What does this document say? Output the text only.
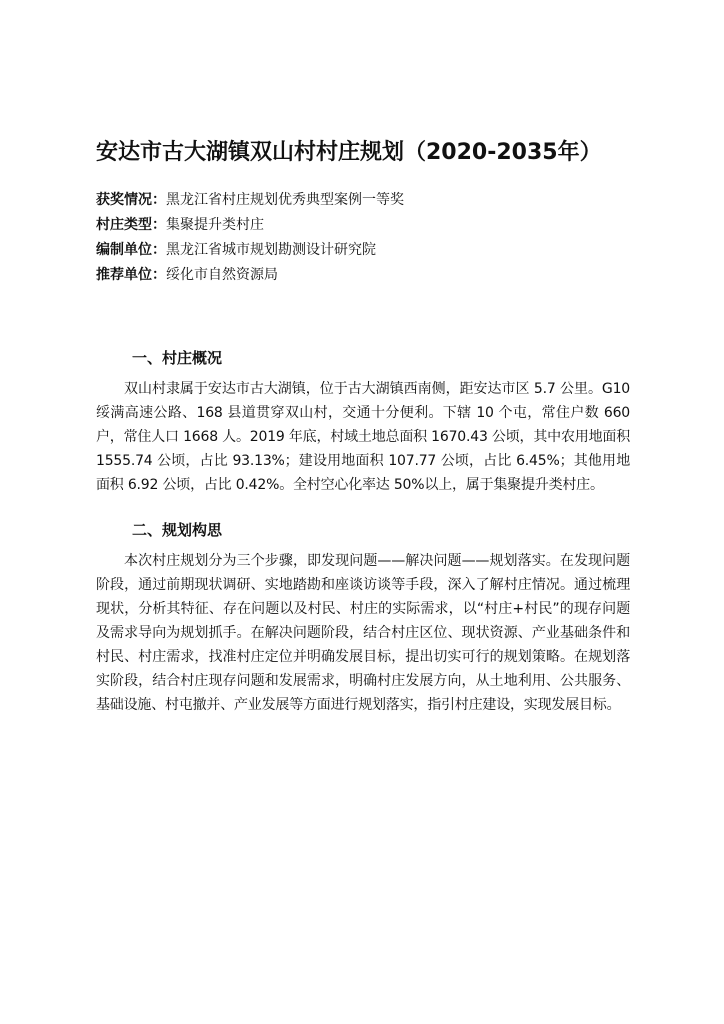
安达市古大湖镇双山村村庄规划（2020-2035年）
获奖情况：黑龙江省村庄规划优秀典型案例一等奖
村庄类型：集聚提升类村庄
编制单位：黑龙江省城市规划勘测设计研究院
推荐单位：绥化市自然资源局
一、村庄概况

双山村隶属于安达市古大湖镇，位于古大湖镇西南侧，距安达市区 5.7 公里。G10 绥满高速公路、168 县道贯穿双山村，交通十分便利。下辖 10 个屯，常住户数 660 户，常住人口 1668 人。2019 年底，村域土地总面积 1670.43 公顷，其中农用地面积 1555.74 公顷，占比 93.13%；建设用地面积 107.77 公顷，占比 6.45%；其他用地面积 6.92 公顷，占比 0.42%。全村空心化率达 50%以上，属于集聚提升类村庄。

二、规划构思

本次村庄规划分为三个步骤，即发现问题——解决问题——规划落实。在发现问题阶段，通过前期现状调研、实地踏勘和座谈访谈等手段，深入了解村庄情况。通过梳理现状，分析其特征、存在问题以及村民、村庄的实际需求，以“村庄+村民”的现存问题及需求导向为规划抓手。在解决问题阶段，结合村庄区位、现状资源、产业基础条件和村民、村庄需求，找准村庄定位并明确发展目标，提出切实可行的规划策略。在规划落实阶段，结合村庄现存问题和发展需求，明确村庄发展方向，从土地利用、公共服务、基础设施、村屯撤并、产业发展等方面进行规划落实，指引村庄建设，实现发展目标。
